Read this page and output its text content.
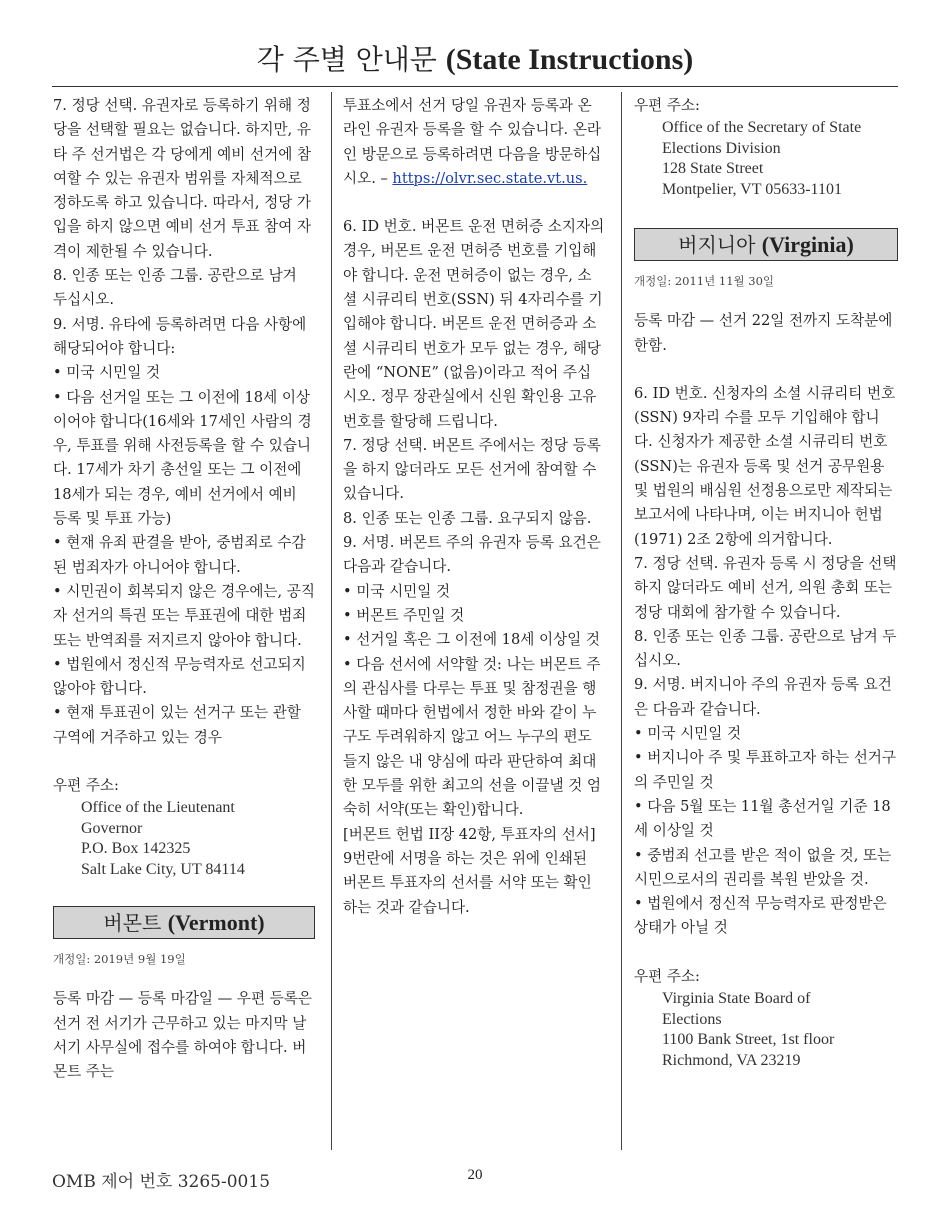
각 주별 안내문 (State Instructions)

7. 정당 선택. 유권자로 등록하기 위해 정당을 선택할 필요는 없습니다. 하지만, 유타 주 선거법은 각 당에게 예비 선거에 참여할 수 있는 유권자 범위를 자체적으로 정하도록 하고 있습니다. 따라서, 정당 가입을 하지 않으면 예비 선거 투표 참여 자격이 제한될 수 있습니다.

8. 인종 또는 인종 그룹. 공란으로 남겨 두십시오.

9. 서명. 유타에 등록하려면 다음 사항에 해당되어야 합니다:

• 미국 시민일 것

• 다음 선거일 또는 그 이전에 18세 이상이어야 합니다(16세와 17세인 사람의 경우, 투표를 위해 사전등록을 할 수 있습니다. 17세가 차기 총선일 또는 그 이전에 18세가 되는 경우, 예비 선거에서 예비 등록 및 투표 가능)

• 현재 유죄 판결을 받아, 중범죄로 수감된 범죄자가 아니어야 합니다.

• 시민권이 회복되지 않은 경우에는, 공직자 선거의 특권 또는 투표권에 대한 범죄 또는 반역죄를 저지르지 않아야 합니다.

• 법원에서 정신적 무능력자로 선고되지 않아야 합니다.

• 현재 투표권이 있는 선거구 또는 관할 구역에 거주하고 있는 경우

우편 주소:

Office of the Lieutenant
Governor
P.O. Box 142325
Salt Lake City, UT 84114
버몬트 (Vermont)

개정일: 2019년 9월 19일

등록 마감 — 등록 마감일 — 우편 등록은 선거 전 서기가 근무하고 있는 마지막 날 서기 사무실에 접수를 하여야 합니다. 버몬트 주는

투표소에서 선거 당일 유권자 등록과 온라인 유권자 등록을 할 수 있습니다. 온라인 방문으로 등록하려면 다음을 방문하십시오. – https://olvr.sec.state.vt.us.

6. ID 번호. 버몬트 운전 면허증 소지자의 경우, 버몬트 운전 면허증 번호를 기입해야 합니다. 운전 면허증이 없는 경우, 소셜 시큐리티 번호(SSN) 뒤 4자리수를 기입해야 합니다. 버몬트 운전 면허증과 소셜 시큐리티 번호가 모두 없는 경우, 해당란에 “NONE” (없음)이라고 적어 주십시오. 정무 장관실에서 신원 확인용 고유 번호를 할당해 드립니다.

7. 정당 선택. 버몬트 주에서는 정당 등록을 하지 않더라도 모든 선거에 참여할 수 있습니다.

8. 인종 또는 인종 그룹. 요구되지 않음.

9. 서명. 버몬트 주의 유권자 등록 요건은 다음과 같습니다.

• 미국 시민일 것

• 버몬트 주민일 것

• 선거일 혹은 그 이전에 18세 이상일 것

• 다음 선서에 서약할 것: 나는 버몬트 주의 관심사를 다루는 투표 및 참정권을 행사할 때마다 헌법에서 정한 바와 같이 누구도 두려워하지 않고 어느 누구의 편도 들지 않은 내 양심에 따라 판단하여 최대한 모두를 위한 최고의 선을 이끌낼 것 엄숙히 서약(또는 확인)합니다.

[버몬트 헌법 II장 42항, 투표자의 선서]

9번란에 서명을 하는 것은 위에 인쇄된 버몬트 투표자의 선서를 서약 또는 확인하는 것과 같습니다.

우편 주소:

Office of the Secretary of State
Elections Division
128 State Street
Montpelier, VT 05633-1101
버지니아 (Virginia)

개정일: 2011년 11월 30일

등록 마감 — 선거 22일 전까지 도착분에 한함.

6. ID 번호. 신청자의 소셜 시큐리티 번호(SSN) 9자리 수를 모두 기입해야 합니다. 신청자가 제공한 소셜 시큐리티 번호(SSN)는 유권자 등록 및 선거 공무원용 및 법원의 배심원 선정용으로만 제작되는 보고서에 나타나며, 이는 버지니아 헌법 (1971) 2조 2항에 의거합니다.

7. 정당 선택. 유권자 등록 시 정당을 선택하지 않더라도 예비 선거, 의원 총회 또는 정당 대회에 참가할 수 있습니다.

8. 인종 또는 인종 그룹. 공란으로 남겨 두십시오.

9. 서명. 버지니아 주의 유권자 등록 요건은 다음과 같습니다.

• 미국 시민일 것

• 버지니아 주 및 투표하고자 하는 선거구의 주민일 것

• 다음 5월 또는 11월 총선거일 기준 18세 이상일 것

• 중범죄 선고를 받은 적이 없을 것, 또는 시민으로서의 권리를 복원 받았을 것.

• 법원에서 정신적 무능력자로 판정받은 상태가 아닐 것

우편 주소:

Virginia State Board of
Elections
1100 Bank Street, 1st floor
Richmond, VA 23219
OMB 제어 번호 3265-0015	20
